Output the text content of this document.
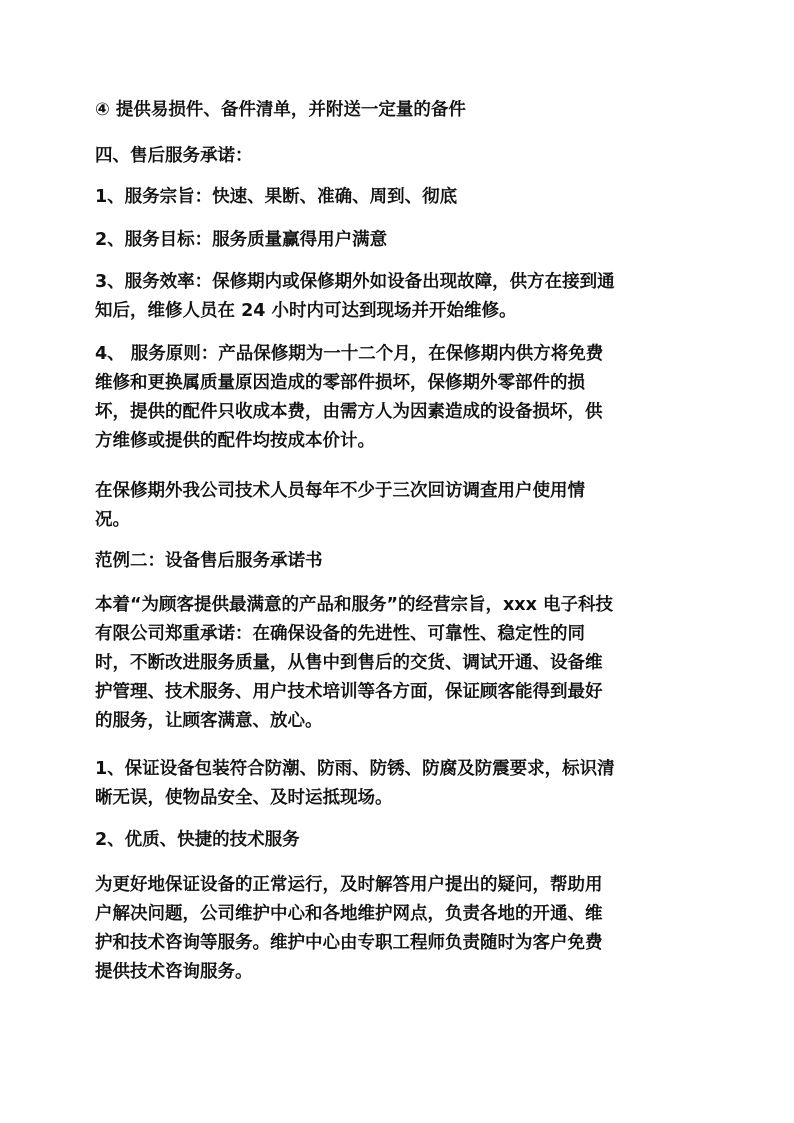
④ 提供易损件、备件清单，并附送一定量的备件
四、售后服务承诺：
1、服务宗旨：快速、果断、准确、周到、彻底
2、服务目标：服务质量赢得用户满意
3、服务效率：保修期内或保修期外如设备出现故障，供方在接到通
知后，维修人员在 24 小时内可达到现场并开始维修。
4、 服务原则：产品保修期为一十二个月，在保修期内供方将免费
维修和更换属质量原因造成的零部件损坏，保修期外零部件的损
坏，提供的配件只收成本费，由需方人为因素造成的设备损坏，供
方维修或提供的配件均按成本价计。
在保修期外我公司技术人员每年不少于三次回访调查用户使用情
况。
范例二：设备售后服务承诺书
本着“为顾客提供最满意的产品和服务”的经营宗旨，xxx 电子科技
有限公司郑重承诺：在确保设备的先进性、可靠性、稳定性的同
时，不断改进服务质量，从售中到售后的交货、调试开通、设备维
护管理、技术服务、用户技术培训等各方面，保证顾客能得到最好
的服务，让顾客满意、放心。
1、保证设备包装符合防潮、防雨、防锈、防腐及防震要求，标识清
晰无误，使物品安全、及时运抵现场。
2、优质、快捷的技术服务
为更好地保证设备的正常运行，及时解答用户提出的疑问，帮助用
户解决问题，公司维护中心和各地维护网点，负责各地的开通、维
护和技术咨询等服务。维护中心由专职工程师负责随时为客户免费
提供技术咨询服务。
